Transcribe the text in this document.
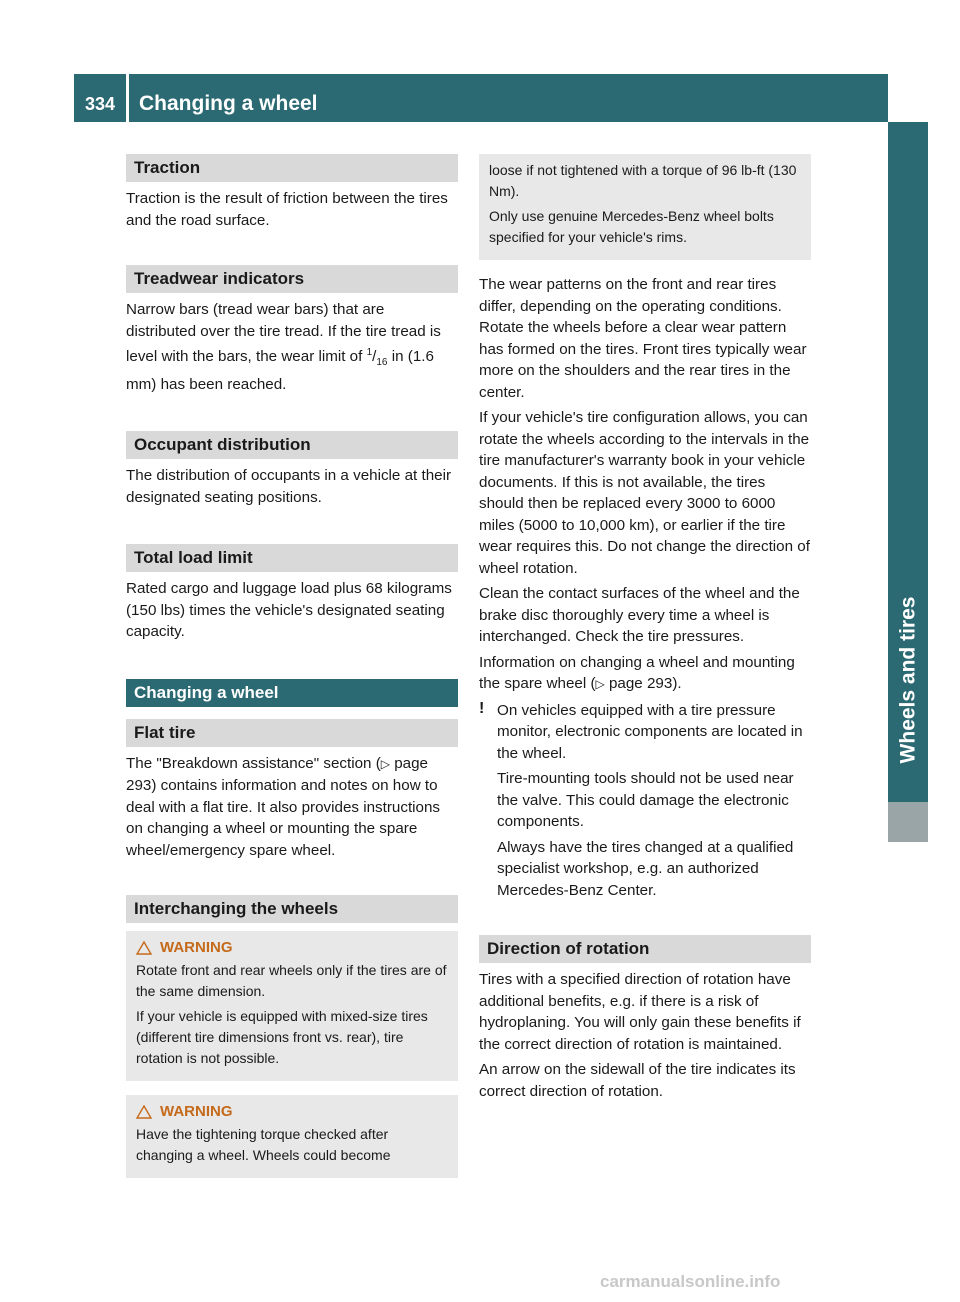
334	Changing a wheel
Wheels and tires
Traction

Traction is the result of friction between the tires and the road surface.

Treadwear indicators

Narrow bars (tread wear bars) that are distributed over the tire tread. If the tire tread is level with the bars, the wear limit of $^1/_{16}$ in (1.6 mm) has been reached.

Occupant distribution

The distribution of occupants in a vehicle at their designated seating positions.

Total load limit

Rated cargo and luggage load plus 68 kilograms (150 lbs) times the vehicle's designated seating capacity.

Changing a wheel
Flat tire

The "Breakdown assistance" section (▷ page 293) contains information and notes on how to deal with a flat tire. It also provides instructions on changing a wheel or mounting the spare wheel/emergency spare wheel.

Interchanging the wheels
WARNING

Rotate front and rear wheels only if the tires are of the same dimension.

If your vehicle is equipped with mixed-size tires (different tire dimensions front vs. rear), tire rotation is not possible.

WARNING

Have the tightening torque checked after changing a wheel. Wheels could become

loose if not tightened with a torque of 96 lb-ft (130 Nm).

Only use genuine Mercedes-Benz wheel bolts specified for your vehicle's rims.

The wear patterns on the front and rear tires differ, depending on the operating conditions. Rotate the wheels before a clear wear pattern has formed on the tires. Front tires typically wear more on the shoulders and the rear tires in the center.

If your vehicle's tire configuration allows, you can rotate the wheels according to the intervals in the tire manufacturer's warranty book in your vehicle documents. If this is not available, the tires should then be replaced every 3000 to 6000 miles (5000 to 10,000 km), or earlier if the tire wear requires this. Do not change the direction of wheel rotation.

Clean the contact surfaces of the wheel and the brake disc thoroughly every time a wheel is interchanged. Check the tire pressures.

Information on changing a wheel and mounting the spare wheel (▷ page 293).

! On vehicles equipped with a tire pressure monitor, electronic components are located in the wheel.

Tire-mounting tools should not be used near the valve. This could damage the electronic components.

Always have the tires changed at a qualified specialist workshop, e.g. an authorized Mercedes-Benz Center.

Direction of rotation

Tires with a specified direction of rotation have additional benefits, e.g. if there is a risk of hydroplaning. You will only gain these benefits if the correct direction of rotation is maintained.

An arrow on the sidewall of the tire indicates its correct direction of rotation.

carmanualsonline.info
